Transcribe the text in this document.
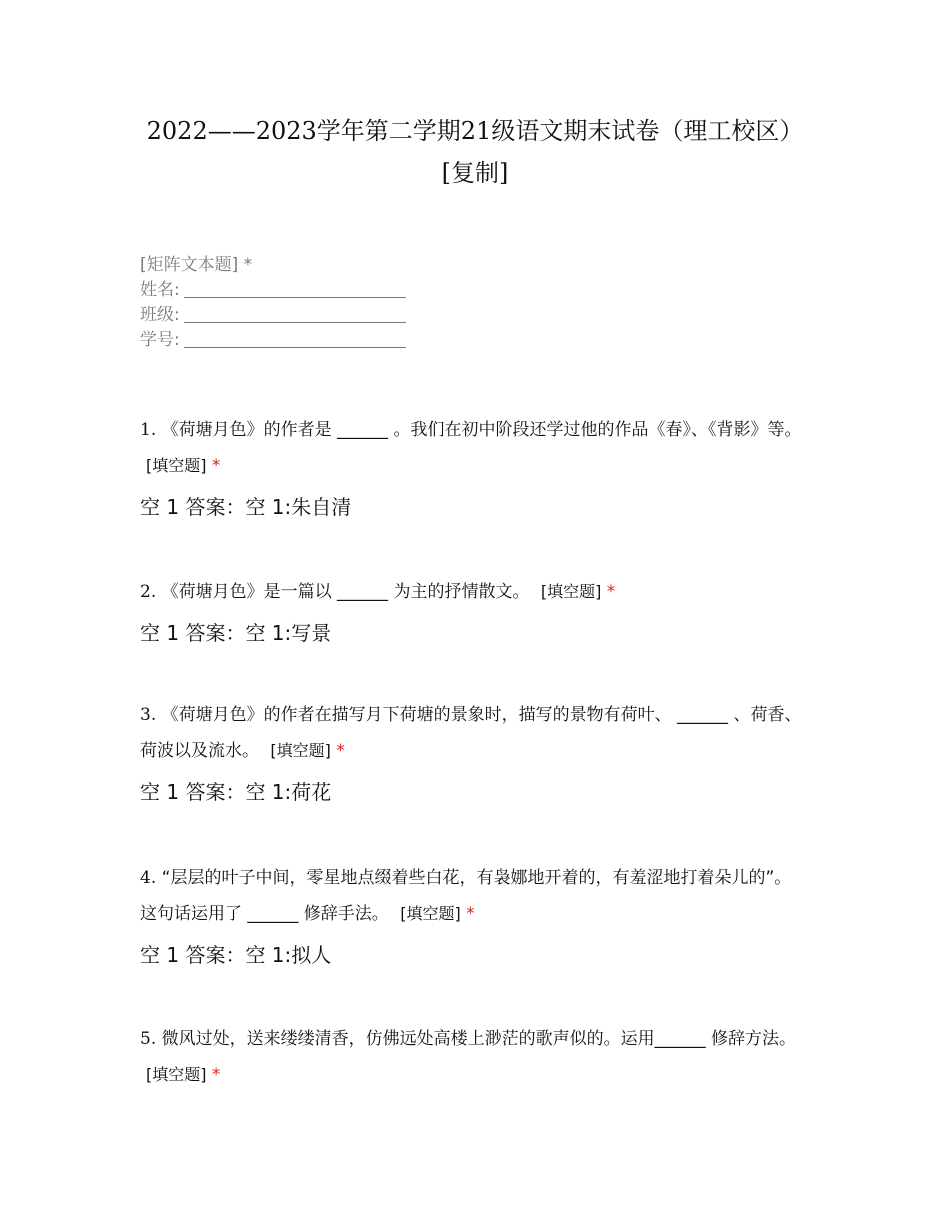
2022——2023学年第二学期21级语文期末试卷（理工校区）
[复制]
[矩阵文本题] *
姓名:
班级:
学号:
1. 《荷塘月色》的作者是 ______ 。我们在初中阶段还学过他的作品《春》、《背影》等。 [填空题] *
空 1 答案：空 1:朱自清
2. 《荷塘月色》是一篇以 ______ 为主的抒情散文。 [填空题] *
空 1 答案：空 1:写景
3. 《荷塘月色》的作者在描写月下荷塘的景象时，描写的景物有荷叶、 ______ 、荷香、荷波以及流水。 [填空题] *
空 1 答案：空 1:荷花
4. “层层的叶子中间，零星地点缀着些白花，有袅娜地开着的，有羞涩地打着朵儿的”。这句话运用了 ______ 修辞手法。 [填空题] *
空 1 答案：空 1:拟人
5. 微风过处，送来缕缕清香，仿佛远处高楼上渺茫的歌声似的。运用______ 修辞方法。 [填空题] *
